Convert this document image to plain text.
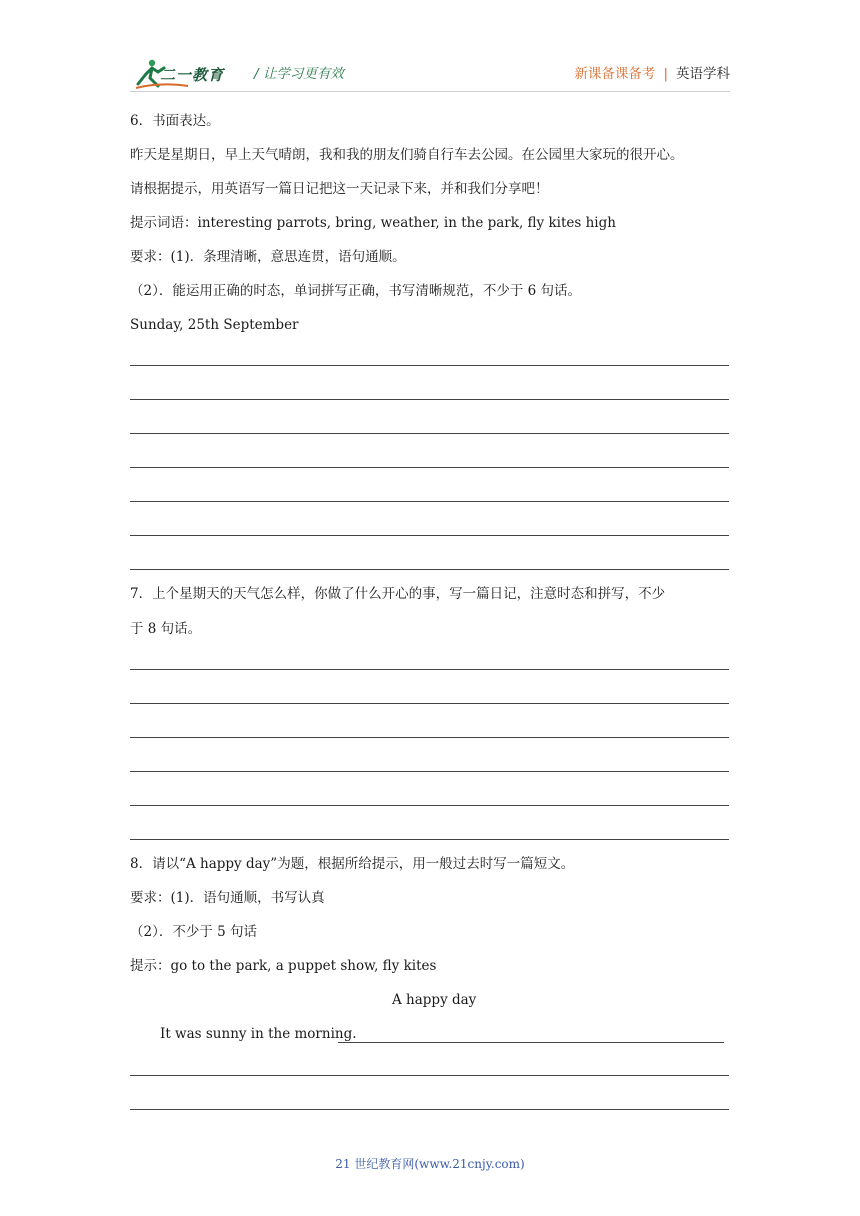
二一教育 / 让学习更有效	新课备课备考 | 英语学科
6．书面表达。
昨天是星期日，早上天气晴朗，我和我的朋友们骑自行车去公园。在公园里大家玩的很开心。
请根据提示，用英语写一篇日记把这一天记录下来，并和我们分享吧！
提示词语：interesting parrots, bring, weather, in the park, fly kites high
要求：(1)．条理清晰，意思连贯，语句通顺。
（2）．能运用正确的时态，单词拼写正确，书写清晰规范，不少于 6 句话。
Sunday, 25th September
7．上个星期天的天气怎么样，你做了什么开心的事，写一篇日记，注意时态和拼写，不少
于 8 句话。
8．请以“A happy day”为题，根据所给提示，用一般过去时写一篇短文。
要求：(1)．语句通顺，书写认真
（2）．不少于 5 句话
提示：go to the park, a puppet show, fly kites
A happy day
It was sunny in the morning.
21 世纪教育网(www.21cnjy.com)
